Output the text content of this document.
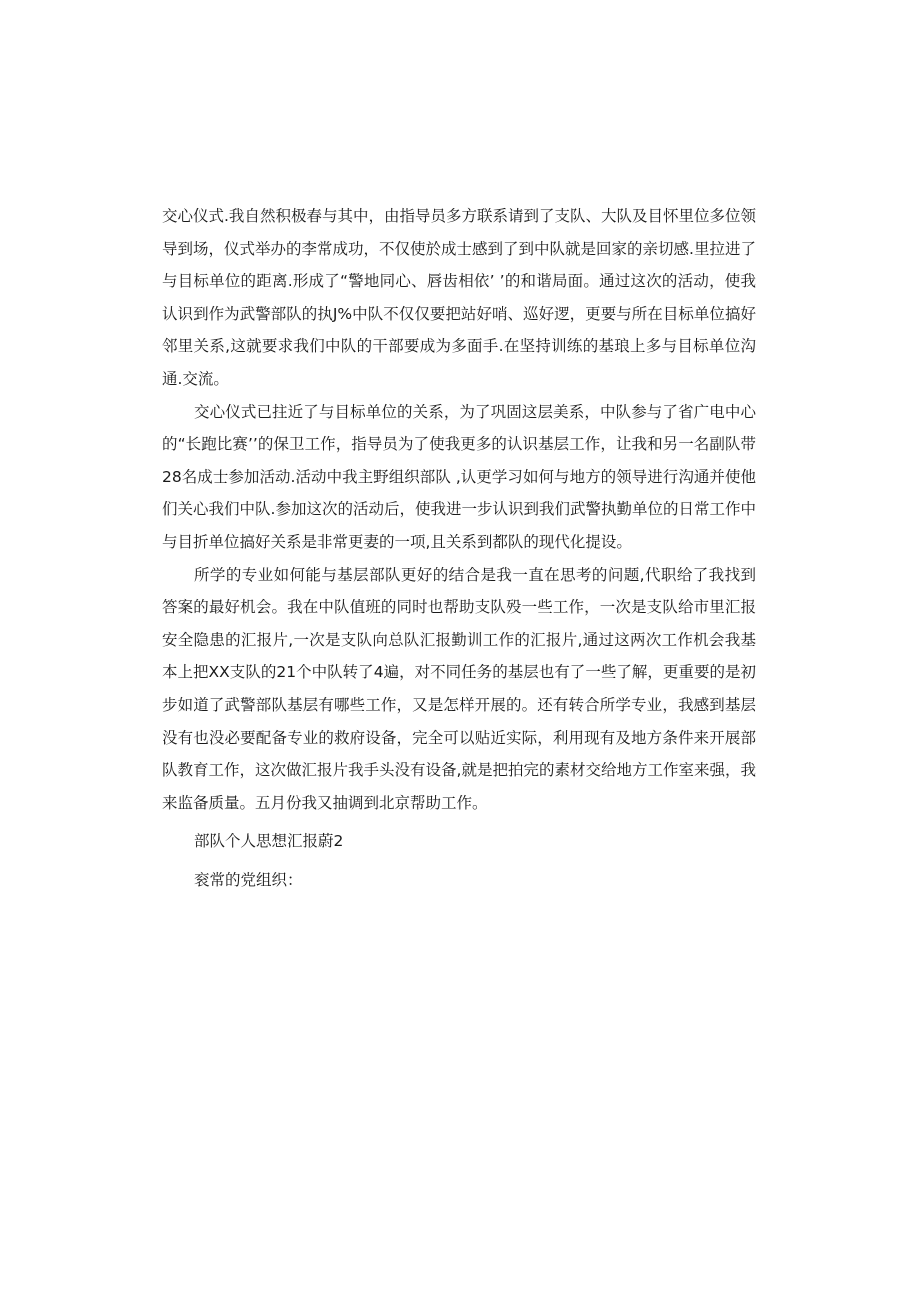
交心仪式.我自然积极春与其中，由指导员多方联系请到了支队、大队及目怀里位多位领导到场，仪式举办的李常成功，不仅使於成士感到了到中队就是回家的亲切感.里拉进了与目标单位的距离.形成了“警地同心、唇齿相依’ ’的和谐局面。通过这次的活动，使我认识到作为武警部队的执J%中队不仅仅要把站好哨、巡好逻，更要与所在目标单位搞好邻里关系,这就要求我们中队的干部要成为多面手.在坚持训练的基琅上多与目标单位沟通.交流。

交心仪式已拄近了与目标单位的关系，为了巩固这层美系，中队参与了省广电中心的“长跑比赛’’的保卫工作，指导员为了使我更多的认识基层工作，让我和另一名副队带28名成士参加活动.活动中我主野组织部队 ,认更学习如何与地方的领导进行沟通并使他们关心我们中队.参加这次的活动后，使我进一步认识到我们武警执勤单位的日常工作中与目折单位搞好关系是非常更妻的一项,且关系到都队的现代化提设。

所学的专业如何能与基层部队更好的结合是我一直在思考的问题,代职给了我找到答案的最好机会。我在中队值班的同时也帮助支队殁一些工作，一次是支队给市里汇报安全隐患的汇报片,一次是支队向总队汇报勤训工作的汇报片,通过这两次工作机会我基本上把XX支队的21个中队转了4遍，对不同任务的基层也有了一些了解，更重要的是初步如道了武警部队基层有哪些工作，又是怎样开展的。还有转合所学专业，我感到基层没有也没必要配备专业的救府设备，完全可以贴近实际，利用现有及地方条件来开展部队教育工作，这次做汇报片我手头没有设备,就是把拍完的素材交给地方工作室来强，我来监备质量。五月份我又抽调到北京帮助工作。

部队个人思想汇报蔚2

衮常的党组织：
